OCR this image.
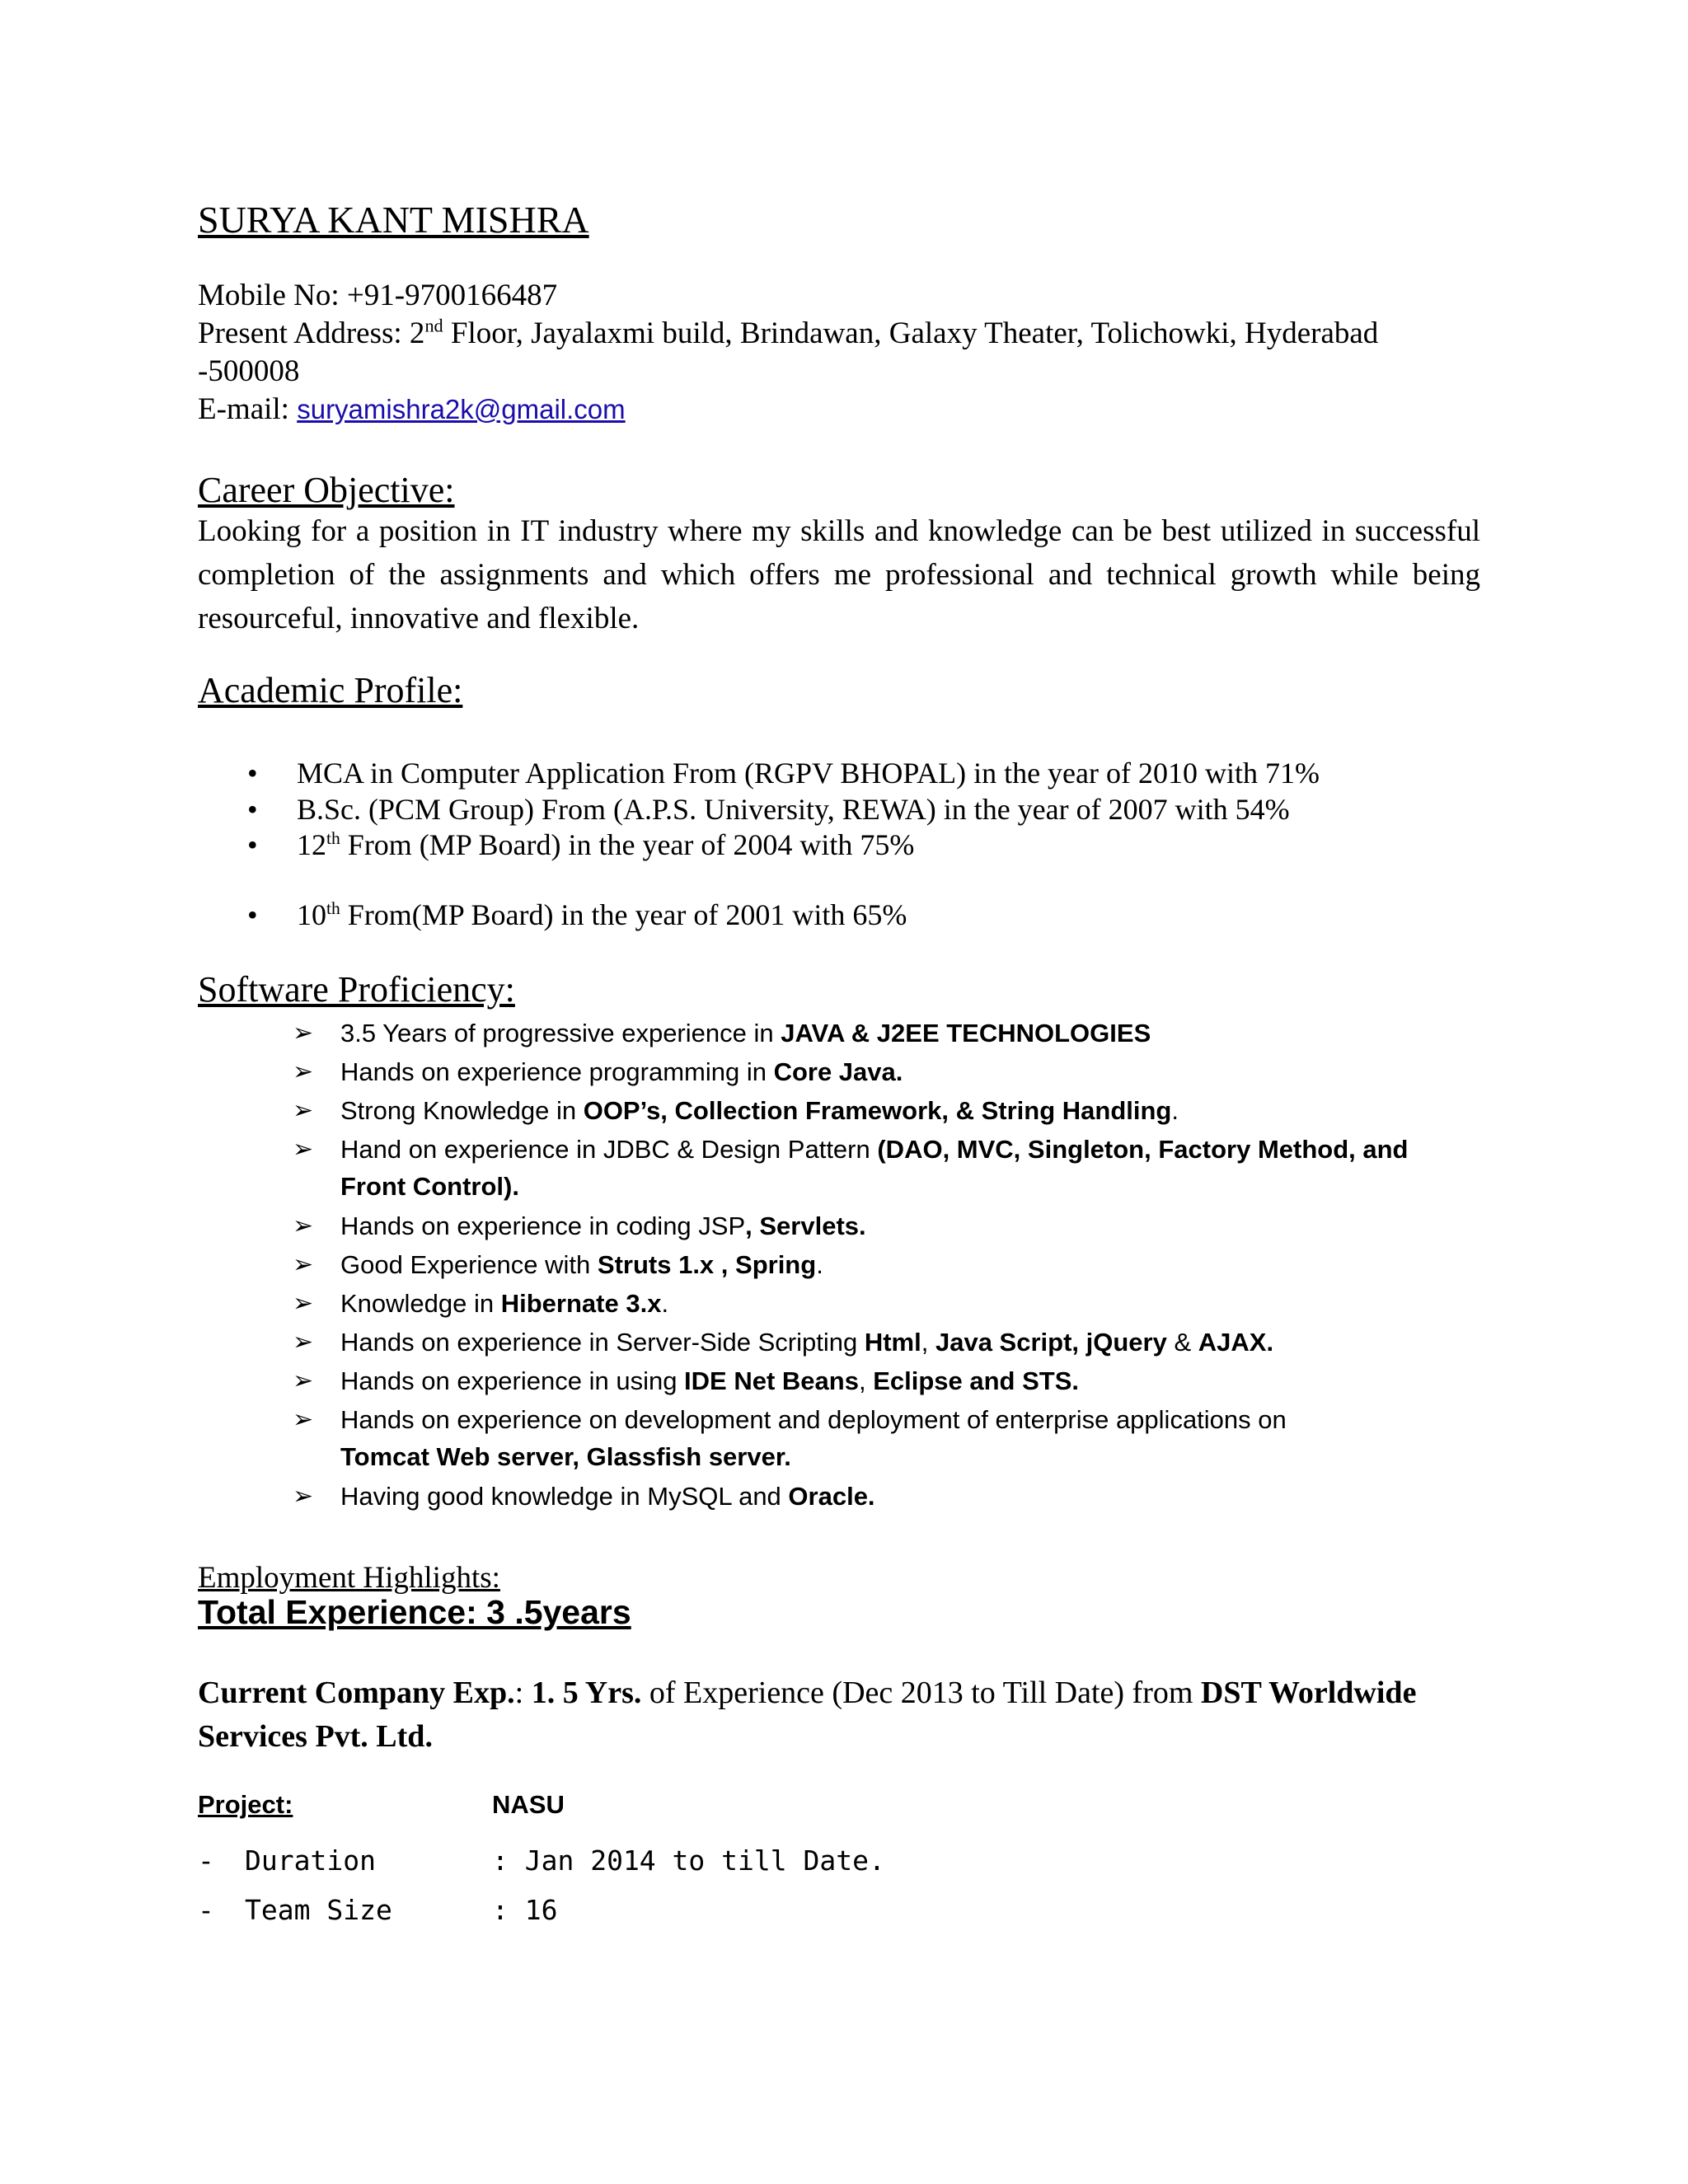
SURYA KANT MISHRA
Mobile No: +91-9700166487
Present Address: 2nd Floor, Jayalaxmi build, Brindawan, Galaxy Theater, Tolichowki, Hyderabad
-500008
E-mail: suryamishra2k@gmail.com
Career Objective:
Looking for a position in IT industry where my skills and knowledge can be best utilized in successful completion of the assignments and which offers me professional and technical growth while being resourceful, innovative and flexible.
Academic Profile:
• MCA in Computer Application From (RGPV BHOPAL) in the year of 2010 with 71%
• B.Sc. (PCM Group) From (A.P.S. University, REWA) in the year of 2007 with 54%
• 12th From (MP Board) in the year of 2004 with 75%
• 10th From(MP Board) in the year of 2001 with 65%
Software Proficiency:
➢ 3.5 Years of progressive experience in JAVA & J2EE TECHNOLOGIES
➢ Hands on experience programming in Core Java.
➢ Strong Knowledge in OOP’s, Collection Framework, & String Handling.
➢ Hand on experience in JDBC & Design Pattern (DAO, MVC, Singleton, Factory Method, and
Front Control).
➢ Hands on experience in coding JSP, Servlets.
➢ Good Experience with Struts 1.x , Spring.
➢ Knowledge in Hibernate 3.x.
➢ Hands on experience in Server-Side Scripting Html, Java Script, jQuery & AJAX.
➢ Hands on experience in using IDE Net Beans, Eclipse and STS.
➢ Hands on experience on development and deployment of enterprise applications on
Tomcat Web server, Glassfish server.
➢ Having good knowledge in MySQL and Oracle.
Employment Highlights:
Total Experience: 3 .5years
Current Company Exp.: 1. 5 Yrs. of Experience (Dec 2013 to Till Date) from DST Worldwide Services Pvt. Ltd.
Project:	NASU
- Duration	: Jan 2014 to till Date.
- Team Size	: 16
